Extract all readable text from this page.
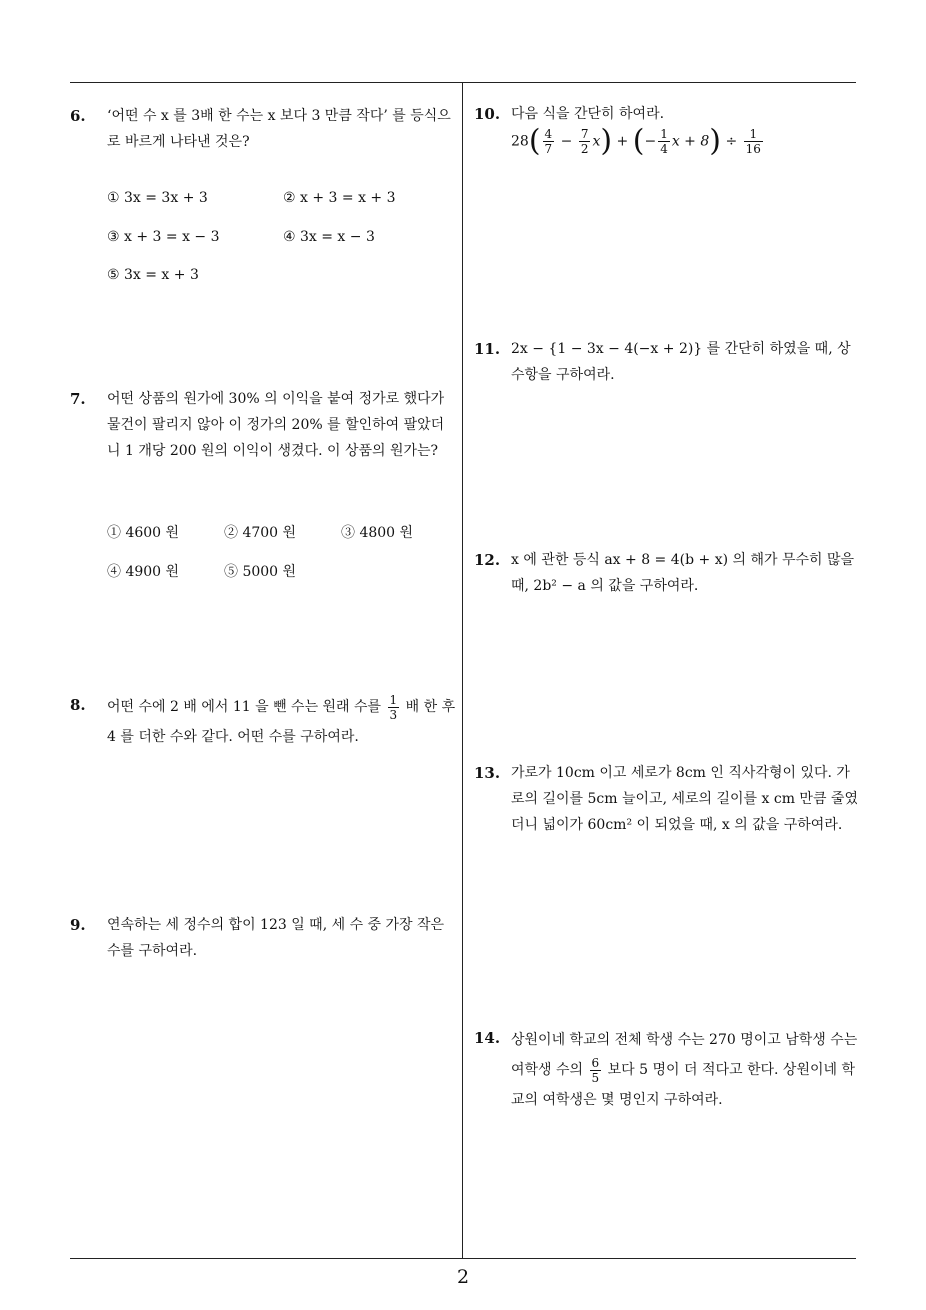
6. ‘어떤 수 x 를 3배 한 수는 x 보다 3 만큼 작다’ 를 등식으로 바르게 나타낸 것은?
① 3x = 3x + 3	② x + 3 = x + 3
③ x + 3 = x − 3	④ 3x = x − 3
⑤ 3x = x + 3
7. 어떤 상품의 원가에 30% 의 이익을 붙여 정가로 했다가 물건이 팔리지 않아 이 정가의 20% 를 할인하여 팔았더니 1 개당 200 원의 이익이 생겼다. 이 상품의 원가는?
① 4600 원	② 4700 원	③ 4800 원
④ 4900 원	⑤ 5000 원
8. 어떤 수에 2 배 에서 11 을 뺀 수는 원래 수를 $\frac{1}{3}$ 배 한 후 4 를 더한 수와 같다. 어떤 수를 구하여라.
9. 연속하는 세 정수의 합이 123 일 때, 세 수 중 가장 작은 수를 구하여라.
10. 다음 식을 간단히 하여라.
$28( \frac{4}{7} - \frac{7}{2} x)$ + (− $\frac{1}{4}$ $x + 8) \div \frac{1}{16}$
11. 2x − {1 − 3x − 4(−x + 2)} 를 간단히 하였을 때, 상수항을 구하여라.
12. x 에 관한 등식 ax + 8 = 4(b + x) 의 해가 무수히 많을 때, 2b² − a 의 값을 구하여라.
13. 가로가 10cm 이고 세로가 8cm 인 직사각형이 있다. 가로의 길이를 5cm 늘이고, 세로의 길이를 x cm 만큼 줄였더니 넓이가 60cm² 이 되었을 때, x 의 값을 구하여라.
14. 상원이네 학교의 전체 학생 수는 270 명이고 남학생 수는 여학생 수의 $\frac{6}{5}$ 보다 5 명이 더 적다고 한다. 상원이네 학교의 여학생은 몇 명인지 구하여라.
2
